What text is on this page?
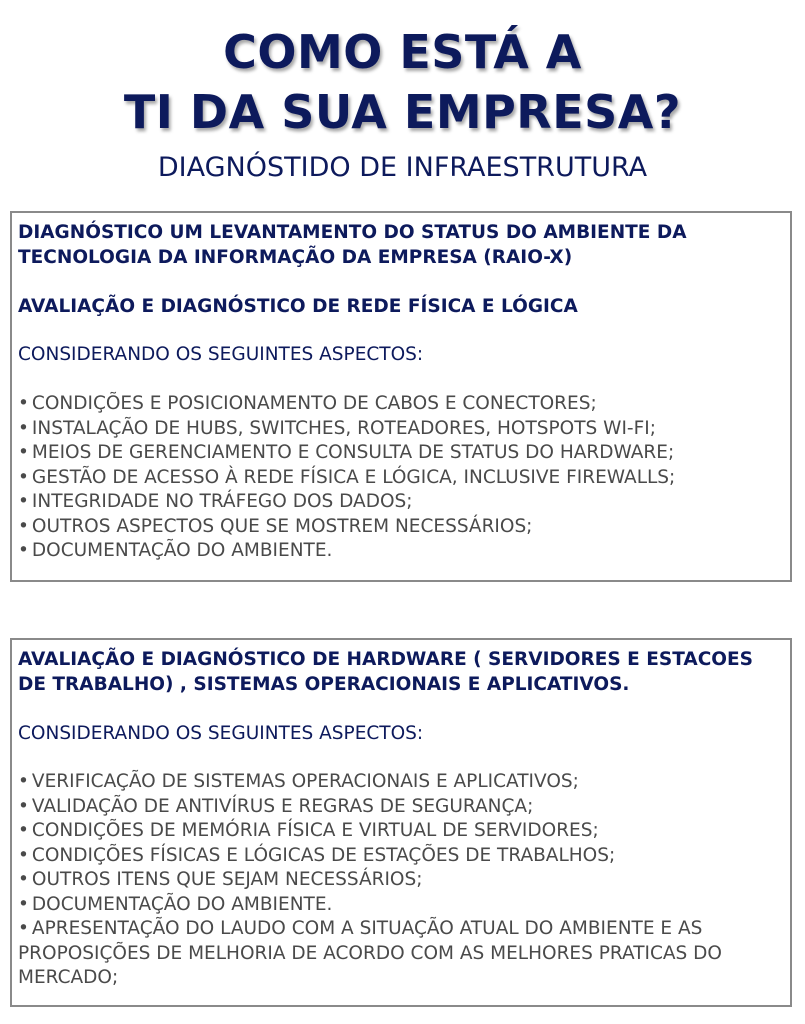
COMO ESTÁ A
TI DA SUA EMPRESA?
DIAGNÓSTIDO DE INFRAESTRUTURA

DIAGNÓSTICO UM LEVANTAMENTO DO STATUS DO AMBIENTE DA TECNOLOGIA DA INFORMAÇÃO DA EMPRESA (RAIO-X)

AVALIAÇÃO E DIAGNÓSTICO DE REDE FÍSICA E LÓGICA

CONSIDERANDO OS SEGUINTES ASPECTOS:

• CONDIÇÕES E POSICIONAMENTO DE CABOS E CONECTORES;
• INSTALAÇÃO DE HUBS, SWITCHES, ROTEADORES, HOTSPOTS WI-FI;
• MEIOS DE GERENCIAMENTO E CONSULTA DE STATUS DO HARDWARE;
• GESTÃO DE ACESSO À REDE FÍSICA E LÓGICA, INCLUSIVE FIREWALLS;
• INTEGRIDADE NO TRÁFEGO DOS DADOS;
• OUTROS ASPECTOS QUE SE MOSTREM NECESSÁRIOS;
• DOCUMENTAÇÃO DO AMBIENTE.

AVALIAÇÃO E DIAGNÓSTICO DE HARDWARE ( SERVIDORES E ESTACOES DE TRABALHO) , SISTEMAS OPERACIONAIS E APLICATIVOS.

CONSIDERANDO OS SEGUINTES ASPECTOS:

• VERIFICAÇÃO DE SISTEMAS OPERACIONAIS E APLICATIVOS;
• VALIDAÇÃO DE ANTIVÍRUS E REGRAS DE SEGURANÇA;
• CONDIÇÕES DE MEMÓRIA FÍSICA E VIRTUAL DE SERVIDORES;
• CONDIÇÕES FÍSICAS E LÓGICAS DE ESTAÇÕES DE TRABALHOS;
• OUTROS ITENS QUE SEJAM NECESSÁRIOS;
• DOCUMENTAÇÃO DO AMBIENTE.
• APRESENTAÇÃO DO LAUDO COM A SITUAÇÃO ATUAL DO AMBIENTE E AS PROPOSIÇÕES DE MELHORIA DE ACORDO COM AS MELHORES PRATICAS DO MERCADO;
